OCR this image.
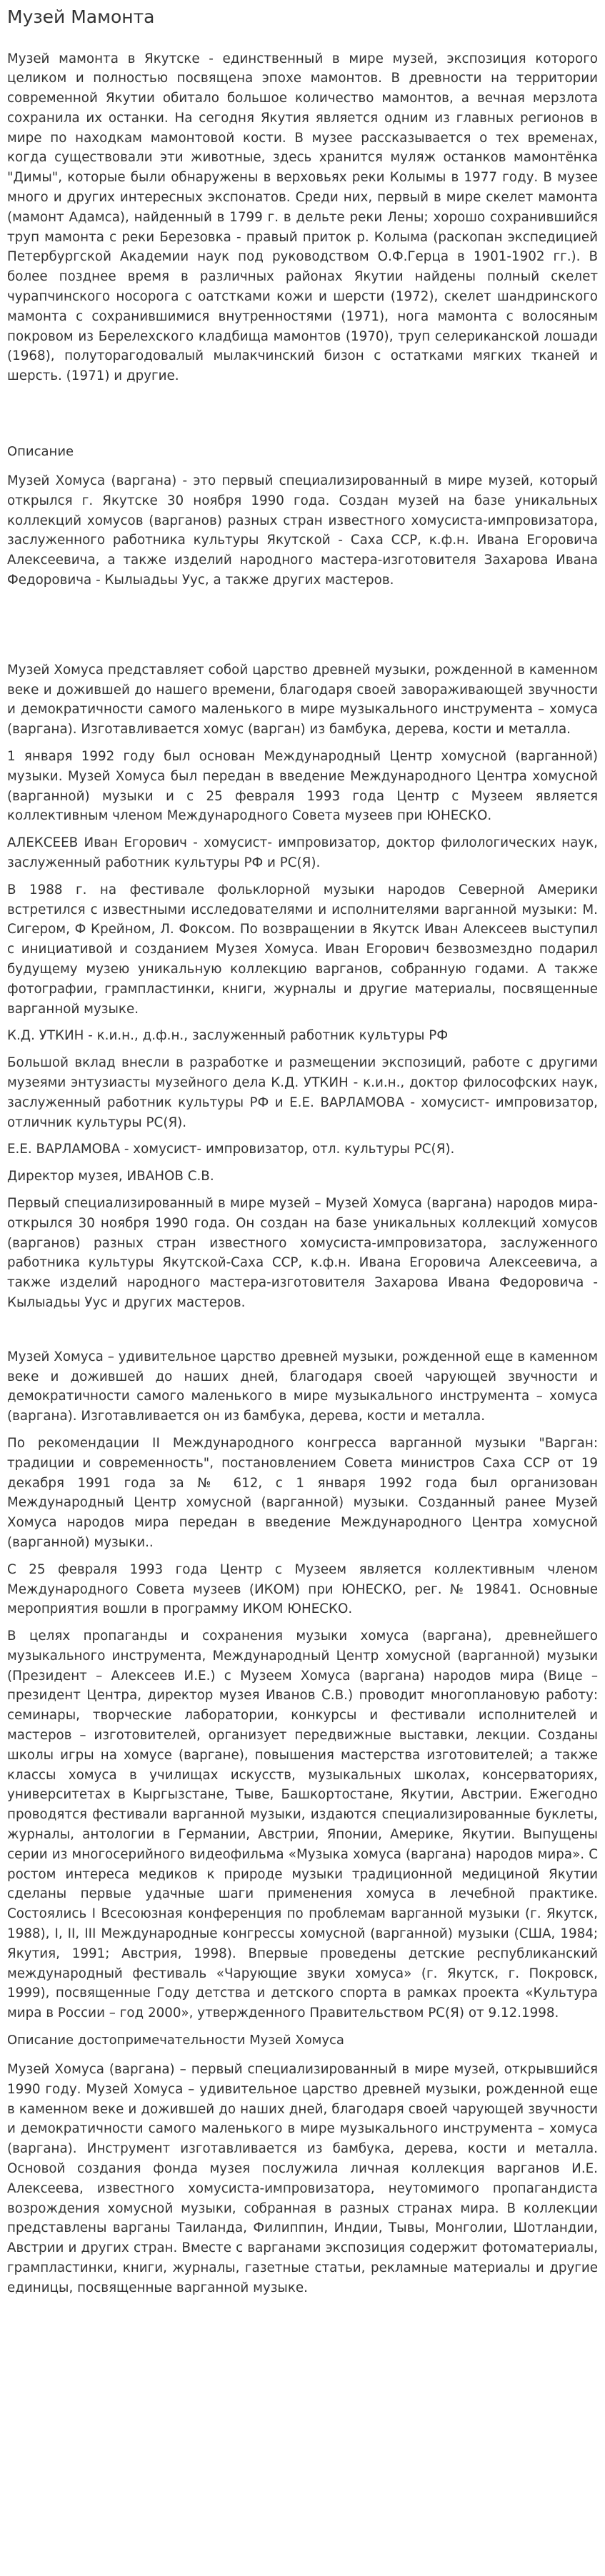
Музей Мамонта

Музей мамонта в Якутске - единственный в мире музей, экспозиция которого целиком и полностью посвящена эпохе мамонтов. В древности на территории современной Якутии обитало большое количество мамонтов, а вечная мерзлота сохранила их останки. На сегодня Якутия является одним из главных регионов в мире по находкам мамонтовой кости. В музее рассказывается о тех временах, когда существовали эти животные, здесь хранится муляж останков мамонтёнка "Димы", которые были обнаружены в верховьях реки Колымы в 1977 году. В музее много и других интересных экспонатов. Среди них, первый в мире скелет мамонта (мамонт Адамса), найденный в 1799 г. в дельте реки Лены; хорошо сохранившийся труп мамонта с реки Березовка - правый приток р. Колыма (раскопан экспедицией Петербургской Академии наук под руководством О.Ф.Герца в 1901-1902 гг.). В более позднее время в различных районах Якутии найдены полный скелет чурапчинского носорога с оатстками кожи и шерсти (1972), скелет шандринского мамонта с сохранившимися внутренностями (1971), нога мамонта с волосяным покровом из Берелехского кладбища мамонтов (1970), труп селериканской лошади (1968), полуторагодовалый мылакчинский бизон с остатками мягких тканей и шерсть. (1971) и другие.

Описание

Музей Хомуса (варгана) - это первый специализированный в мире музей, который открылся г. Якутске 30 ноября 1990 года. Создан музей на базе уникальных коллекций хомусов (варганов) разных стран известного хомусиста-импровизатора, заслуженного работника культуры Якутской - Саха ССР, к.ф.н. Ивана Егоровича Алексеевича, а также изделий народного мастера-изготовителя Захарова Ивана Федоровича - Кылыадьы Уус, а также других мастеров.

Музей Хомуса представляет собой царство древней музыки, рожденной в каменном веке и дожившей до нашего времени, благодаря своей завораживающей звучности и демократичности самого маленького в мире музыкального инструмента – хомуса (варгана). Изготавливается хомус (варган) из бамбука, дерева, кости и металла.

1 января 1992 году был основан Международный Центр хомусной (варганной) музыки. Музей Хомуса был передан в введение Международного Центра хомусной (варганной) музыки и с 25 февраля 1993 года Центр с Музеем является коллективным членом Международного Совета музеев при ЮНЕСКО.

АЛЕКСЕЕВ Иван Егорович - хомусист- импровизатор, доктор филологических наук, заслуженный работник культуры РФ и РС(Я).

В 1988 г. на фестивале фольклорной музыки народов Северной Америки встретился с известными исследователями и исполнителями варганной музыки: М. Сигером, Ф Крейном, Л. Фоксом. По возвращении в Якутск Иван Алексеев выступил с инициативой и созданием Музея Хомуса. Иван Егорович безвозмездно подарил будущему музею уникальную коллекцию варганов, собранную годами. А также фотографии, грампластинки, книги, журналы и другие материалы, посвященные варганной музыке.

К.Д. УТКИН - к.и.н., д.ф.н., заслуженный работник культуры РФ

Большой вклад внесли в разработке и размещении экспозиций, работе с другими музеями энтузиасты музейного дела К.Д. УТКИН - к.и.н., доктор философских наук, заслуженный работник культуры РФ и Е.Е. ВАРЛАМОВА - хомусист- импровизатор, отличник культуры РС(Я).

Е.Е. ВАРЛАМОВА - хомусист- импровизатор, отл. культуры РС(Я).

Директор музея, ИВАНОВ С.В.

Первый специализированный в мире музей – Музей Хомуса (варгана) народов мира- открылся 30 ноября 1990 года. Он создан на базе уникальных коллекций хомусов (варганов) разных стран известного хомусиста-импровизатора, заслуженного работника культуры Якутской-Саха ССР, к.ф.н. Ивана Егоровича Алексеевича, а также изделий народного мастера-изготовителя Захарова Ивана Федоровича - Кылыадьы Уус и других мастеров.

Музей Хомуса – удивительное царство древней музыки, рожденной еще в каменном веке и дожившей до наших дней, благодаря своей чарующей звучности и демократичности самого маленького в мире музыкального инструмента – хомуса (варгана). Изготавливается он из бамбука, дерева, кости и металла.

По рекомендации II Международного конгресса варганной музыки "Варган: традиции и современность", постановлением Совета министров Саха ССР от 19 декабря 1991 года за № 612, с 1 января 1992 года был организован Международный Центр хомусной (варганной) музыки. Созданный ранее Музей Хомуса народов мира передан в введение Международного Центра хомусной (варганной) музыки..

С 25 февраля 1993 года Центр с Музеем является коллективным членом Международного Совета музеев (ИКОМ) при ЮНЕСКО, рег. № 19841. Основные мероприятия вошли в программу ИКОМ ЮНЕСКО.

В целях пропаганды и сохранения музыки хомуса (варгана), древнейшего музыкального инструмента, Международный Центр хомусной (варганной) музыки (Президент – Алексеев И.Е.) с Музеем Хомуса (варгана) народов мира (Вице – президент Центра, директор музея Иванов С.В.) проводит многоплановую работу: семинары, творческие лаборатории, конкурсы и фестивали исполнителей и мастеров – изготовителей, организует передвижные выставки, лекции. Созданы школы игры на хомусе (варгане), повышения мастерства изготовителей; а также классы хомуса в училищах искусств, музыкальных школах, консерваториях, университетах в Кыргызстане, Тыве, Башкортостане, Якутии, Австрии. Ежегодно проводятся фестивали варганной музыки, издаются специализированные буклеты, журналы, антологии в Германии, Австрии, Японии, Америке, Якутии. Выпущены серии из многосерийного видеофильма «Музыка хомуса (варгана) народов мира». С ростом интереса медиков к природе музыки традиционной медициной Якутии сделаны первые удачные шаги применения хомуса в лечебной практике. Состоялись I Всесоюзная конференция по проблемам варганной музыки (г. Якутск, 1988), I, II, III Международные конгрессы хомусной (варганной) музыки (США, 1984; Якутия, 1991; Австрия, 1998). Впервые проведены детские республиканский международный фестиваль «Чарующие звуки хомуса» (г. Якутск, г. Покровск, 1999), посвященные Году детства и детского спорта в рамках проекта «Культура мира в России – год 2000», утвержденного Правительством РС(Я) от 9.12.1998.

Описание достопримечательности Музей Хомуса

Музей Хомуса (варгана) – первый специализированный в мире музей, открывшийся 1990 году. Музей Хомуса – удивительное царство древней музыки, рожденной еще в каменном веке и дожившей до наших дней, благодаря своей чарующей звучности и демократичности самого маленького в мире музыкального инструмента – хомуса (варгана). Инструмент изготавливается из бамбука, дерева, кости и металла. Основой создания фонда музея послужила личная коллекция варганов И.Е. Алексеева, известного хомусиста-импровизатора, неутомимого пропагандиста возрождения хомусной музыки, собранная в разных странах мира. В коллекции представлены варганы Таиланда, Филиппин, Индии, Тывы, Монголии, Шотландии, Австрии и других стран. Вместе с варганами экспозиция содержит фотоматериалы, грампластинки, книги, журналы, газетные статьи, рекламные материалы и другие единицы, посвященные варганной музыке.
